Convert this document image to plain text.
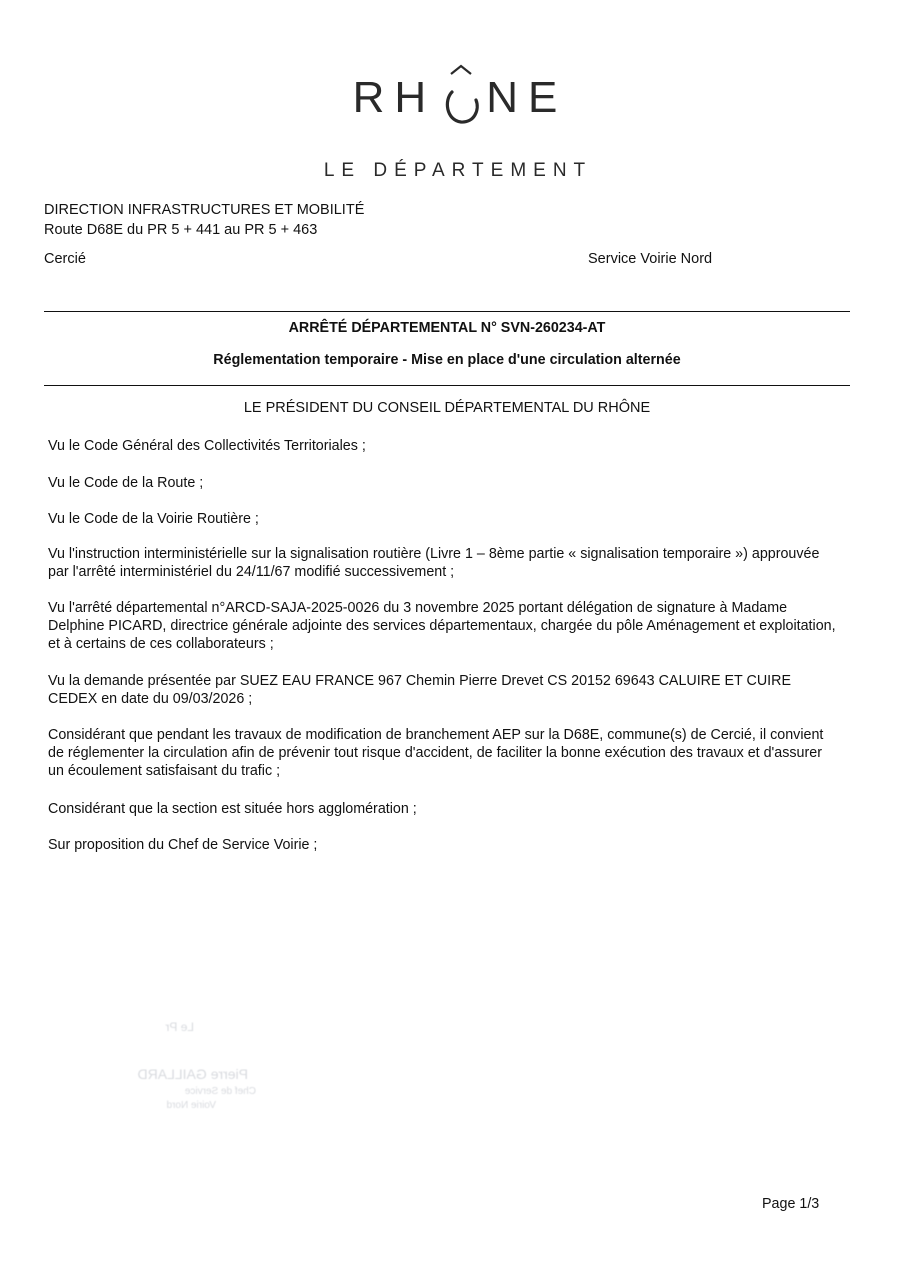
RH NE
LE DÉPARTEMENT
DIRECTION INFRASTRUCTURES ET MOBILITÉ
Route D68E du PR 5 + 441 au PR 5 + 463
Cercié	Service Voirie Nord
ARRÊTÉ DÉPARTEMENTAL N° SVN-260234-AT
Réglementation temporaire - Mise en place d'une circulation alternée
LE PRÉSIDENT DU CONSEIL DÉPARTEMENTAL DU RHÔNE
Vu le Code Général des Collectivités Territoriales ;
Vu le Code de la Route ;
Vu le Code de la Voirie Routière ;
Vu l'instruction interministérielle sur la signalisation routière (Livre 1 – 8ème partie « signalisation temporaire ») approuvée
par l'arrêté interministériel du 24/11/67 modifié successivement ;
Vu l'arrêté départemental n°ARCD-SAJA-2025-0026 du 3 novembre 2025 portant délégation de signature à Madame
Delphine PICARD, directrice générale adjointe des services départementaux, chargée du pôle Aménagement et exploitation,
et à certains de ces collaborateurs ;
Vu la demande présentée par SUEZ EAU FRANCE 967 Chemin Pierre Drevet CS 20152 69643 CALUIRE ET CUIRE
CEDEX en date du 09/03/2026 ;
Considérant que pendant les travaux de modification de branchement AEP sur la D68E, commune(s) de Cercié, il convient
de réglementer la circulation afin de prévenir tout risque d'accident, de faciliter la bonne exécution des travaux et d'assurer
un écoulement satisfaisant du trafic ;
Considérant que la section est située hors agglomération ;
Sur proposition du Chef de Service Voirie ;
Le Pr
Pierre GAILLARD
Chef de Service
Voirie Nord
Page 1/3
